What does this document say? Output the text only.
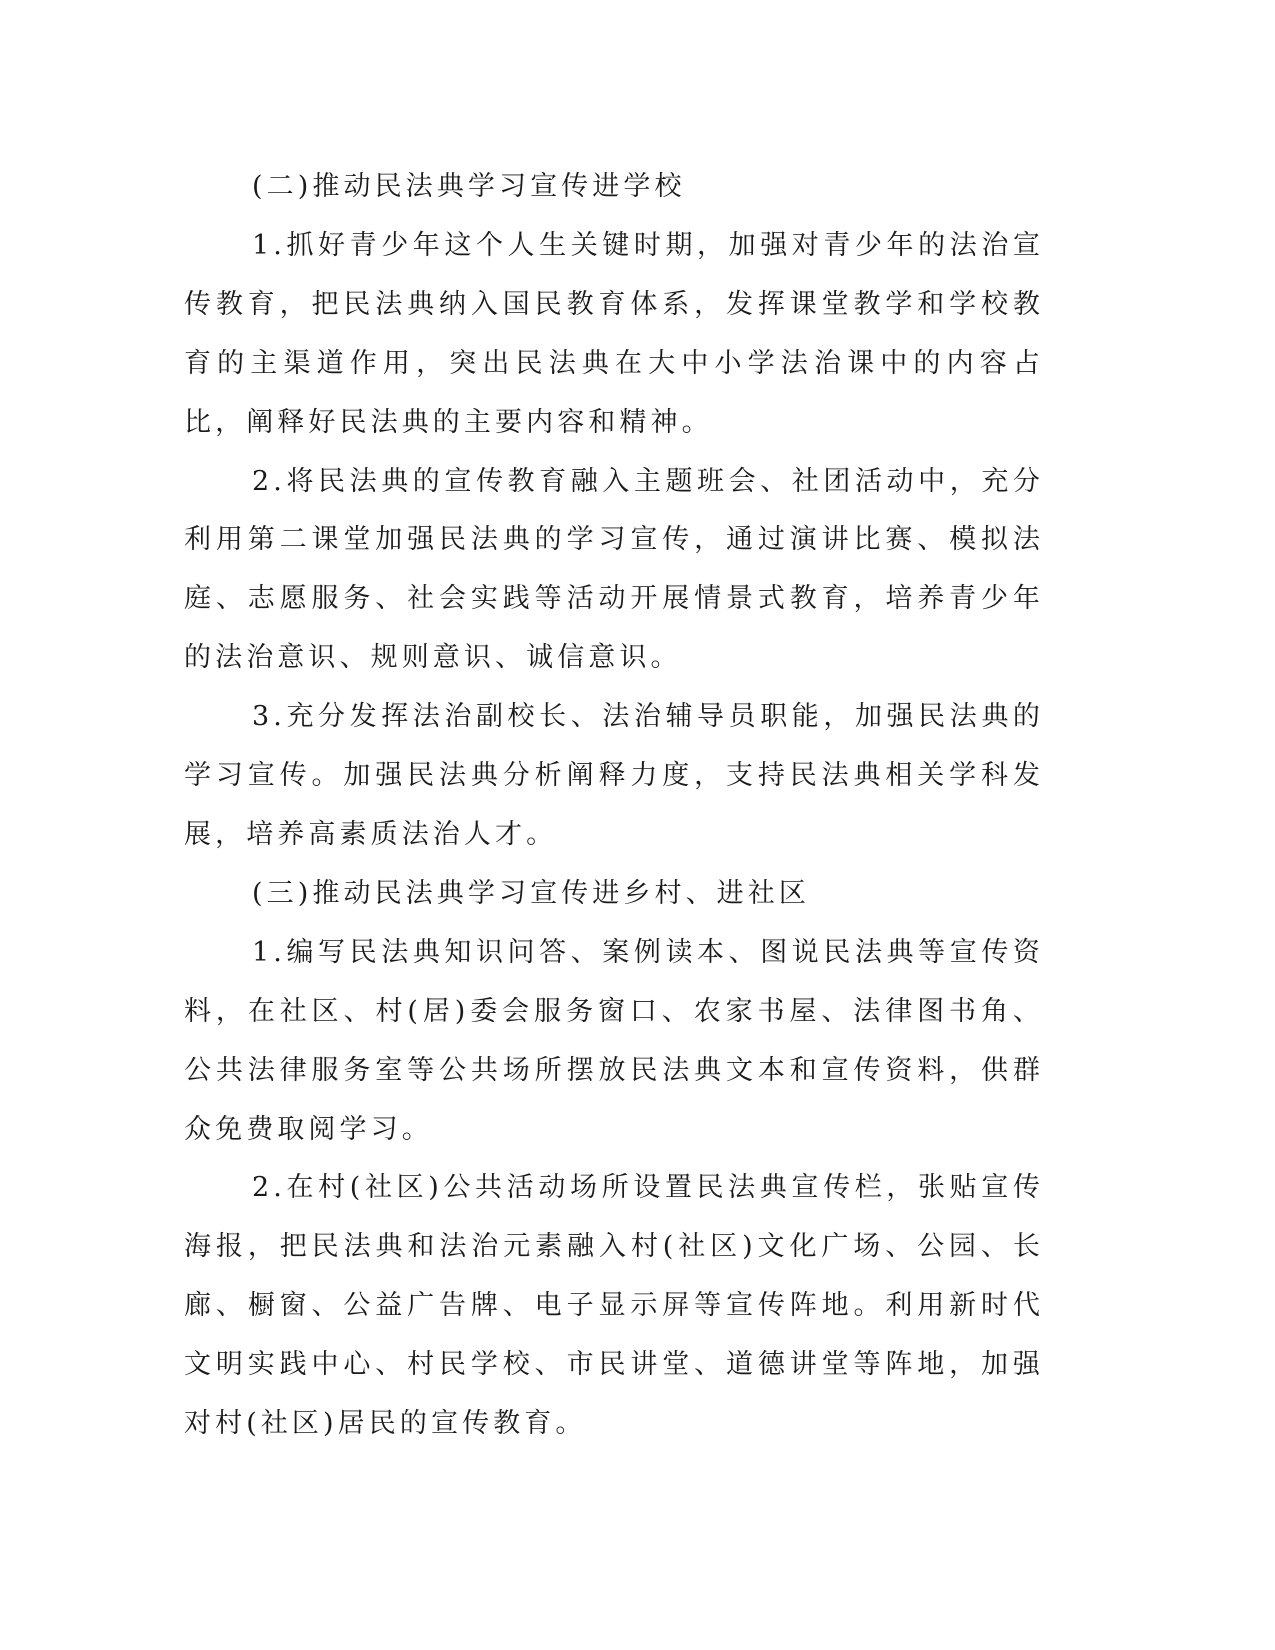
(二)推动民法典学习宣传进学校

1.抓好青少年这个人生关键时期，加强对青少年的法治宣传教育，把民法典纳入国民教育体系，发挥课堂教学和学校教育的主渠道作用，突出民法典在大中小学法治课中的内容占比，阐释好民法典的主要内容和精神。

2.将民法典的宣传教育融入主题班会、社团活动中，充分利用第二课堂加强民法典的学习宣传，通过演讲比赛、模拟法庭、志愿服务、社会实践等活动开展情景式教育，培养青少年的法治意识、规则意识、诚信意识。

3.充分发挥法治副校长、法治辅导员职能，加强民法典的学习宣传。加强民法典分析阐释力度，支持民法典相关学科发展，培养高素质法治人才。

(三)推动民法典学习宣传进乡村、进社区

1.编写民法典知识问答、案例读本、图说民法典等宣传资料，在社区、村(居)委会服务窗口、农家书屋、法律图书角、公共法律服务室等公共场所摆放民法典文本和宣传资料，供群众免费取阅学习。

2.在村(社区)公共活动场所设置民法典宣传栏，张贴宣传海报，把民法典和法治元素融入村(社区)文化广场、公园、长廊、橱窗、公益广告牌、电子显示屏等宣传阵地。利用新时代文明实践中心、村民学校、市民讲堂、道德讲堂等阵地，加强对村(社区)居民的宣传教育。
